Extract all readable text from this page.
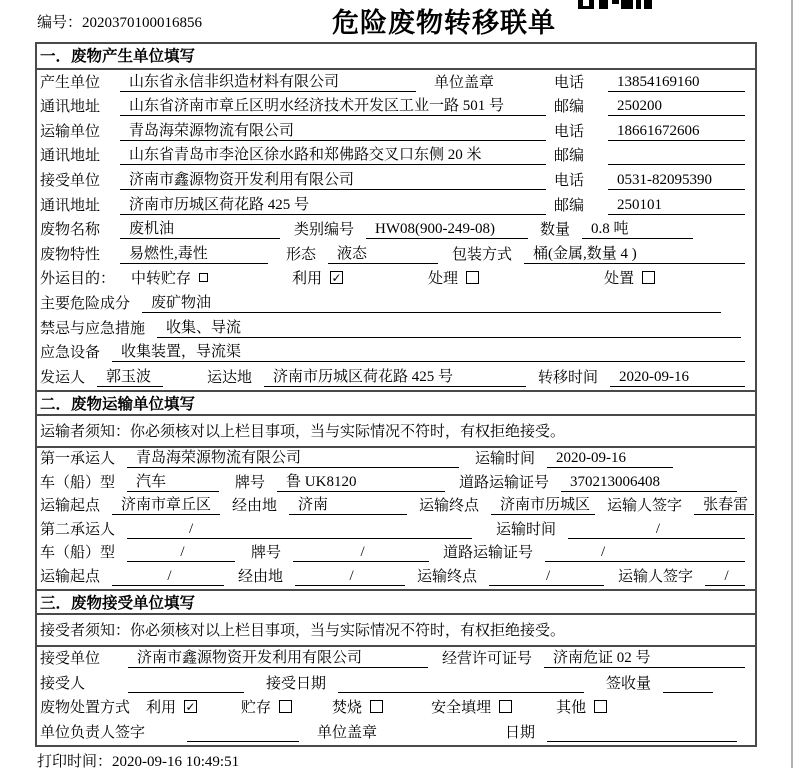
编号：2020370100016856	危险废物转移联单
一．废物产生单位填写
产生单位	山东省永信非织造材料有限公司	单位盖章	电话	13854169160
通讯地址	山东省济南市章丘区明水经济技术开发区工业一路 501 号	邮编	250200
运输单位	青岛海荣源物流有限公司	电话	18661672606
通讯地址	山东省青岛市李沧区徐水路和郑佛路交叉口东侧 20 米	邮编
接受单位	济南市鑫源物资开发利用有限公司	电话	0531-82095390
通讯地址	济南市历城区荷花路 425 号	邮编	250101
废物名称	废机油	类别编号	HW08(900-249-08)	数量	0.8 吨
废物特性	易燃性,毒性	形态	液态	包装方式	桶(金属,数量 4 )
外运目的： 中转贮存	利用 ✓	处理	处置
主要危险成分	废矿物油
禁忌与应急措施	收集、导流
应急设备	收集装置，导流渠
发运人	郭玉波	运达地	济南市历城区荷花路 425 号	转移时间	2020-09-16
二．废物运输单位填写
运输者须知：你必须核对以上栏目事项，当与实际情况不符时，有权拒绝接受。
第一承运人	青岛海荣源物流有限公司	运输时间	2020-09-16
车（船）型	汽车	牌号	鲁 UK8120	道路运输证号	370213006408
运输起点	济南市章丘区	经由地	济南	运输终点	济南市历城区	运输人签字	张春雷
第二承运人	/	运输时间	/
车（船）型	/	牌号	/	道路运输证号	/
运输起点	/	经由地	/	运输终点	/	运输人签字	/
三．废物接受单位填写
接受者须知：你必须核对以上栏目事项，当与实际情况不符时，有权拒绝接受。
接受单位	济南市鑫源物资开发利用有限公司	经营许可证号	济南危证 02 号
接受人	接受日期	签收量
废物处置方式 利用 ✓	贮存	焚烧	安全填埋	其他
单位负责人签字	单位盖章	日期
打印时间：2020-09-16 10:49:51
